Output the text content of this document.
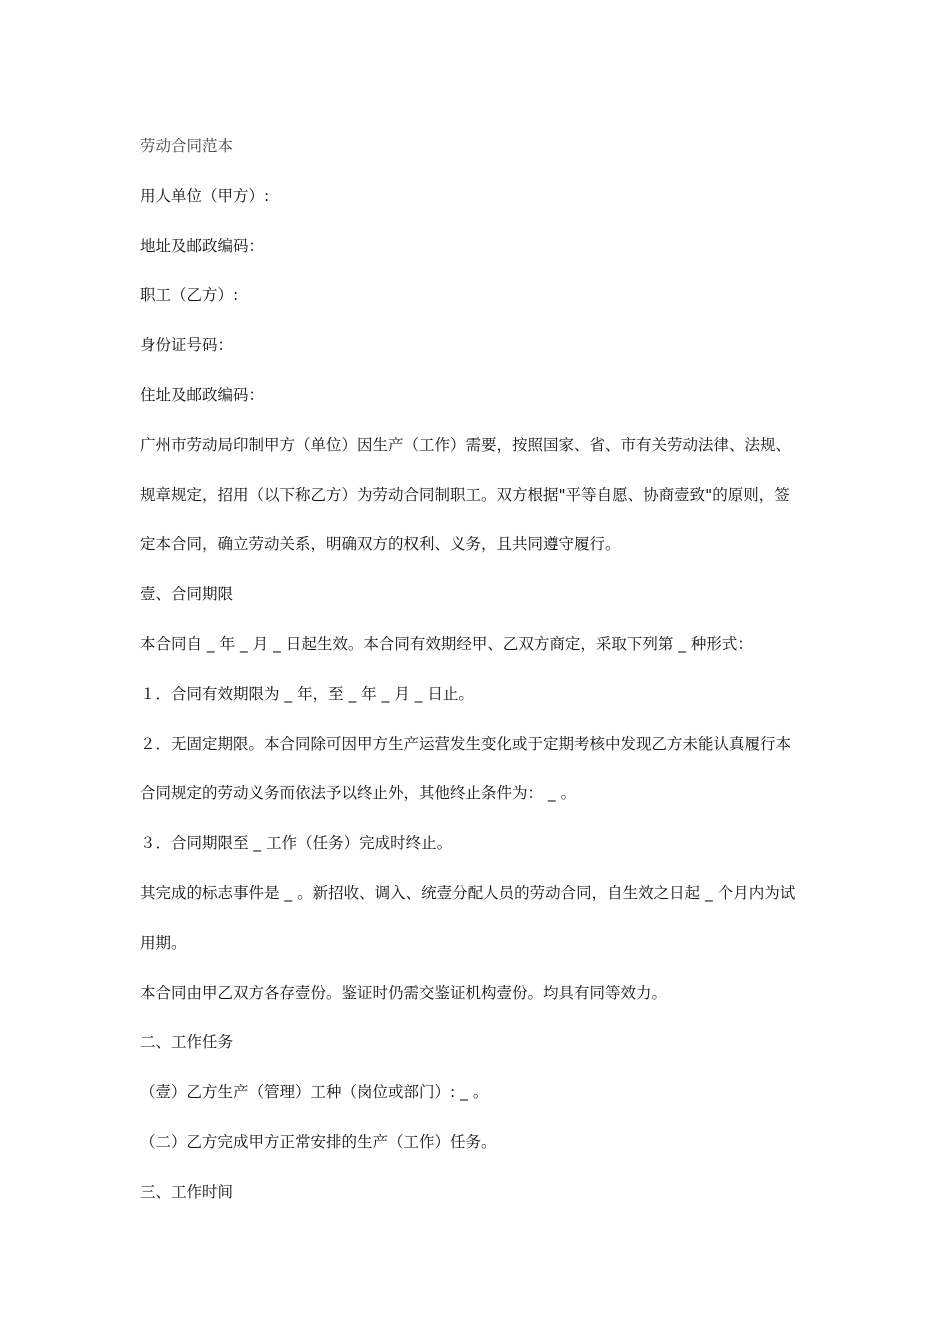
劳动合同范本
用人单位（甲方）:
地址及邮政编码：
职工（乙方）:
身份证号码：
住址及邮政编码：
广州市劳动局印制甲方（单位）因生产（工作）需要，按照国家、省、市有关劳动法律、法规、
规章规定，招用（以下称乙方）为劳动合同制职工。双方根据"平等自愿、协商壹致"的原则，签
定本合同，确立劳动关系，明确双方的权利、义务，且共同遵守履行。
壹、合同期限
本合同自 _ 年 _ 月 _ 日起生效。本合同有效期经甲、乙双方商定，采取下列第 _ 种形式：
１．合同有效期限为 _ 年，至 _ 年 _ 月 _ 日止。
２．无固定期限。本合同除可因甲方生产运营发生变化或于定期考核中发现乙方未能认真履行本
合同规定的劳动义务而依法予以终止外，其他终止条件为： _ 。
３．合同期限至 _ 工作（任务）完成时终止。
其完成的标志事件是 _ 。新招收、调入、统壹分配人员的劳动合同，自生效之日起 _ 个月内为试
用期。
本合同由甲乙双方各存壹份。鉴证时仍需交鉴证机构壹份。均具有同等效力。
二、工作任务
（壹）乙方生产（管理）工种（岗位或部门）: _ 。
（二）乙方完成甲方正常安排的生产（工作）任务。
三、工作时间
